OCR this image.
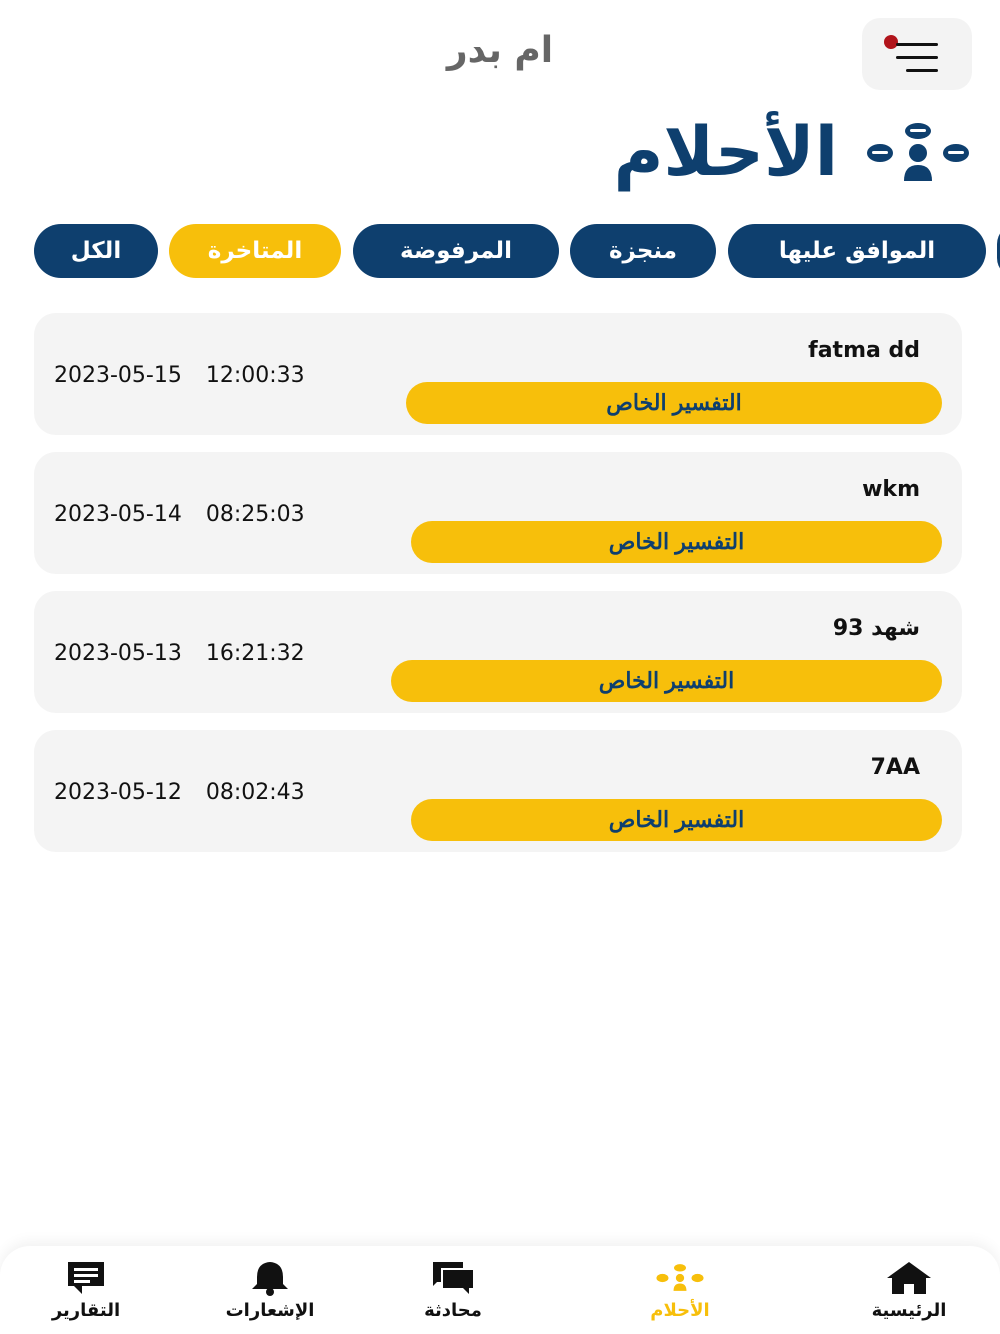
ام بدر
الأحلام
الكل	المتاخرة	المرفوضة	منجزة	الموافق عليها
fatma dd
2023-05-15 12:00:33
التفسير الخاص
wkm
2023-05-14 08:25:03
التفسير الخاص
شهد 93
2023-05-13 16:21:32
التفسير الخاص
7AA
2023-05-12 08:02:43
التفسير الخاص
الرئيسية
الأحلام
محادثة
الإشعارات
التقارير
